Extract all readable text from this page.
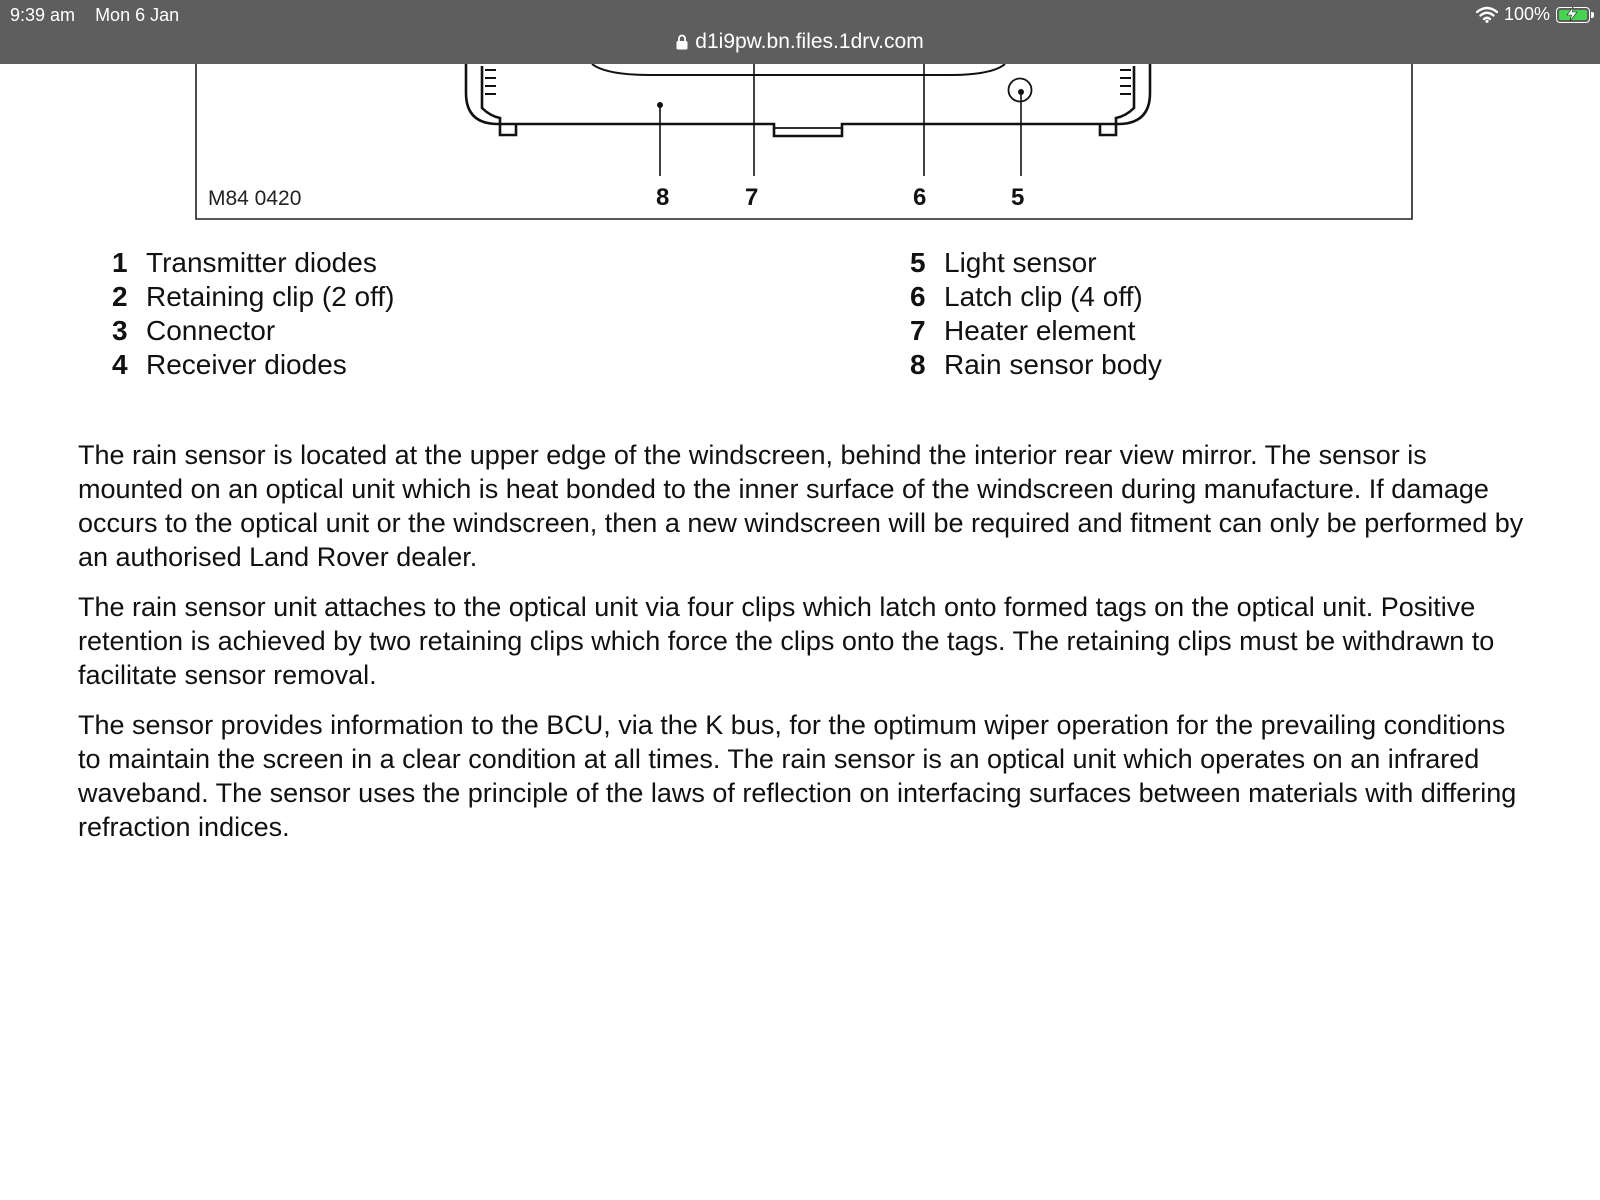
9:39 am Mon 6 Jan	100%
d1i9pw.bn.files.1drv.com
M84 0420	8	7	6	5
1 Transmitter diodes
2 Retaining clip (2 off)
3 Connector
4 Receiver diodes
5 Light sensor
6 Latch clip (4 off)
7 Heater element
8 Rain sensor body

The rain sensor is located at the upper edge of the windscreen, behind the interior rear view mirror. The sensor is mounted on an optical unit which is heat bonded to the inner surface of the windscreen during manufacture. If damage occurs to the optical unit or the windscreen, then a new windscreen will be required and fitment can only be performed by an authorised Land Rover dealer.

The rain sensor unit attaches to the optical unit via four clips which latch onto formed tags on the optical unit. Positive retention is achieved by two retaining clips which force the clips onto the tags. The retaining clips must be withdrawn to facilitate sensor removal.

The sensor provides information to the BCU, via the K bus, for the optimum wiper operation for the prevailing conditions to maintain the screen in a clear condition at all times. The rain sensor is an optical unit which operates on an infrared waveband. The sensor uses the principle of the laws of reflection on interfacing surfaces between materials with differing refraction indices.
